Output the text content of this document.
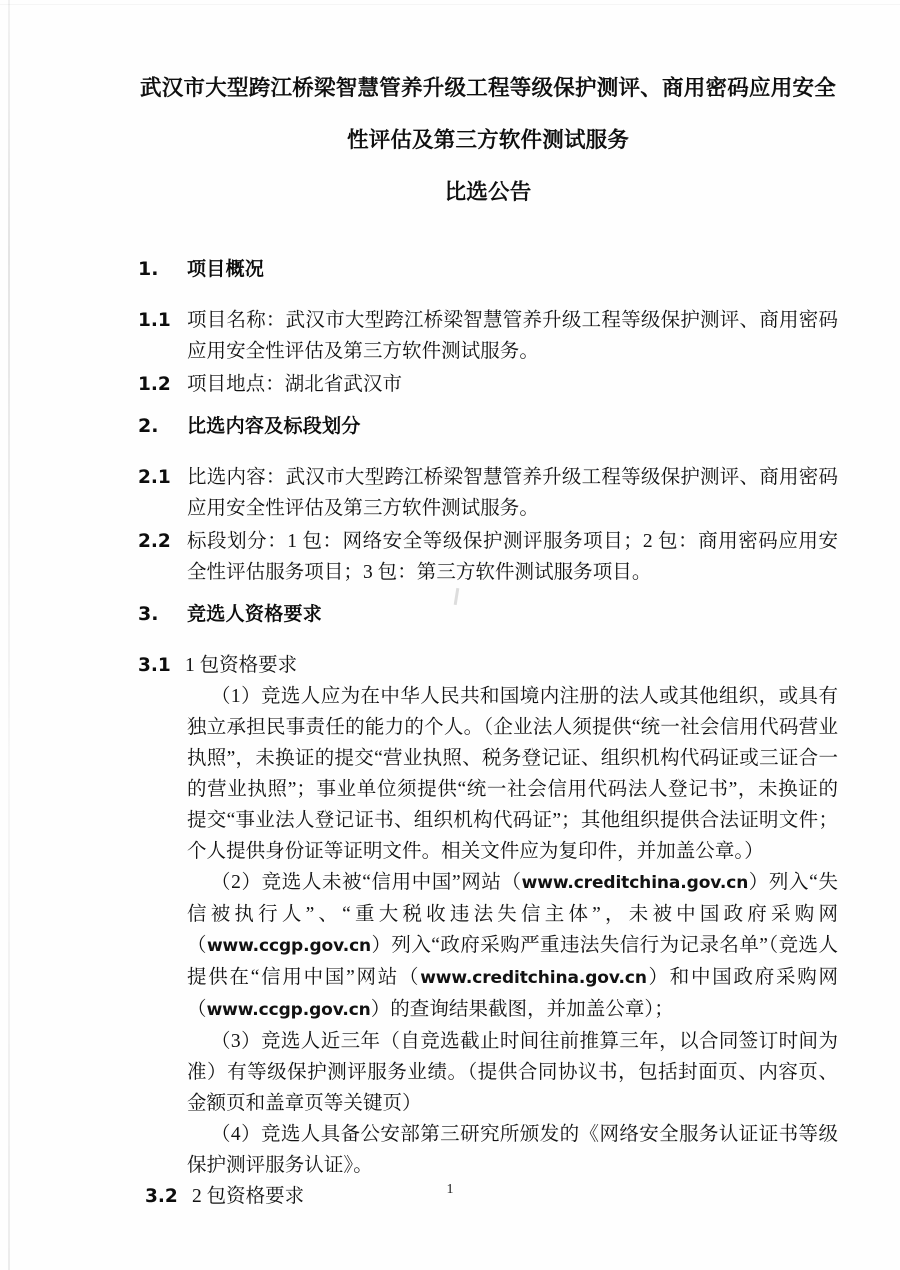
武汉市大型跨江桥梁智慧管养升级工程等级保护测评、商用密码应用安全
性评估及第三方软件测试服务
比选公告
1.	项目概况
1.1 项目名称：武汉市大型跨江桥梁智慧管养升级工程等级保护测评、商用密码应用安全性评估及第三方软件测试服务。
1.2 项目地点：湖北省武汉市
2.	比选内容及标段划分
2.1 比选内容：武汉市大型跨江桥梁智慧管养升级工程等级保护测评、商用密码应用安全性评估及第三方软件测试服务。
2.2 标段划分：1 包：网络安全等级保护测评服务项目；2 包：商用密码应用安全性评估服务项目；3 包：第三方软件测试服务项目。
3.	竞选人资格要求
3.1 1 包资格要求
（1）竞选人应为在中华人民共和国境内注册的法人或其他组织，或具有独立承担民事责任的能力的个人。（企业法人须提供“统一社会信用代码营业执照”，未换证的提交“营业执照、税务登记证、组织机构代码证或三证合一的营业执照”；事业单位须提供“统一社会信用代码法人登记书”，未换证的提交“事业法人登记证书、组织机构代码证”；其他组织提供合法证明文件；个人提供身份证等证明文件。相关文件应为复印件，并加盖公章。）
（2）竞选人未被“信用中国”网站（www.creditchina.gov.cn）列入“失信被执行人”、“重大税收违法失信主体”，未被中国政府采购网（www.ccgp.gov.cn）列入“政府采购严重违法失信行为记录名单”（竞选人提供在“信用中国”网站（www.creditchina.gov.cn）和中国政府采购网（www.ccgp.gov.cn）的查询结果截图，并加盖公章）；
（3）竞选人近三年（自竞选截止时间往前推算三年，以合同签订时间为准）有等级保护测评服务业绩。（提供合同协议书，包括封面页、内容页、金额页和盖章页等关键页）
（4）竞选人具备公安部第三研究所颁发的《网络安全服务认证证书等级保护测评服务认证》。
3.2 2 包资格要求	1
